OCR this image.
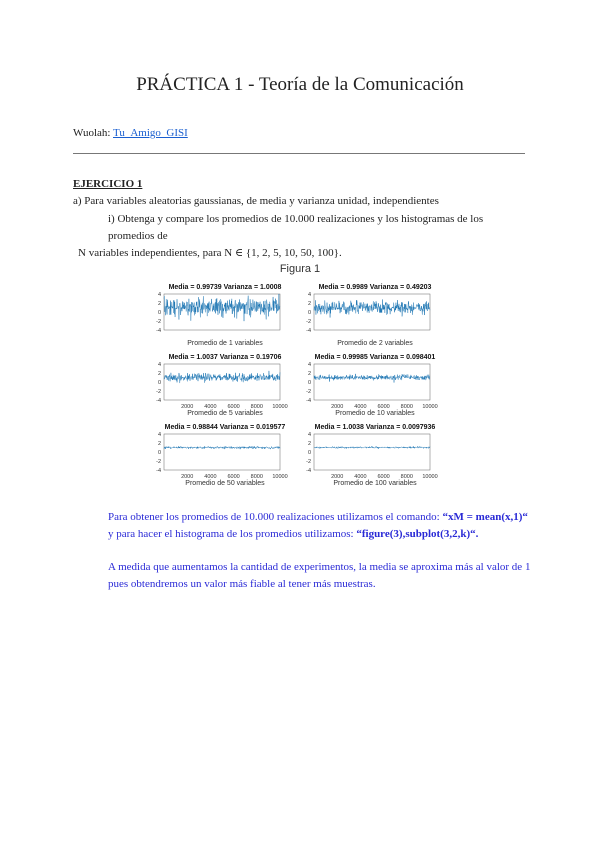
PRÁCTICA 1 - Teoría de la Comunicación
Wuolah: Tu_Amigo_GISI
EJERCICIO 1
a) Para variables aleatorias gaussianas, de media y varianza unidad, independientes
i) Obtenga y compare los promedios de 10.000 realizaciones y los histogramas de los promedios de
N variables independientes, para N ∈ {1, 2, 5, 10, 50, 100}.
Figura 1
Media = 0.99739 Varianza = 1.0008
4
2
0
-2
-4
Promedio de 1 variables
Media = 0.9989 Varianza = 0.49203
4
2
0
-2
-4
Promedio de 2 variables
Media = 1.0037 Varianza = 0.19706
4
2
0
-2
-4
2000 4000 6000 8000 10000
Promedio de 5 variables
Media = 0.99985 Varianza = 0.098401
4
2
0
-2
-4
2000 4000 6000 8000 10000
Promedio de 10 variables
Media = 0.98844 Varianza = 0.019577
4
2
0
-2
-4
2000 4000 6000 8000 10000
Promedio de 50 variables
Media = 1.0038 Varianza = 0.0097936
4
2
0
-2
-4
2000 4000 6000 8000 10000
Promedio de 100 variables
Para obtener los promedios de 10.000 realizaciones utilizamos el comando: “xM = mean(x,1)“ y para hacer el histograma de los promedios utilizamos: “figure(3),subplot(3,2,k)“.
A medida que aumentamos la cantidad de experimentos, la media se aproxima más al valor de 1
pues obtendremos un valor más fiable al tener más muestras.
